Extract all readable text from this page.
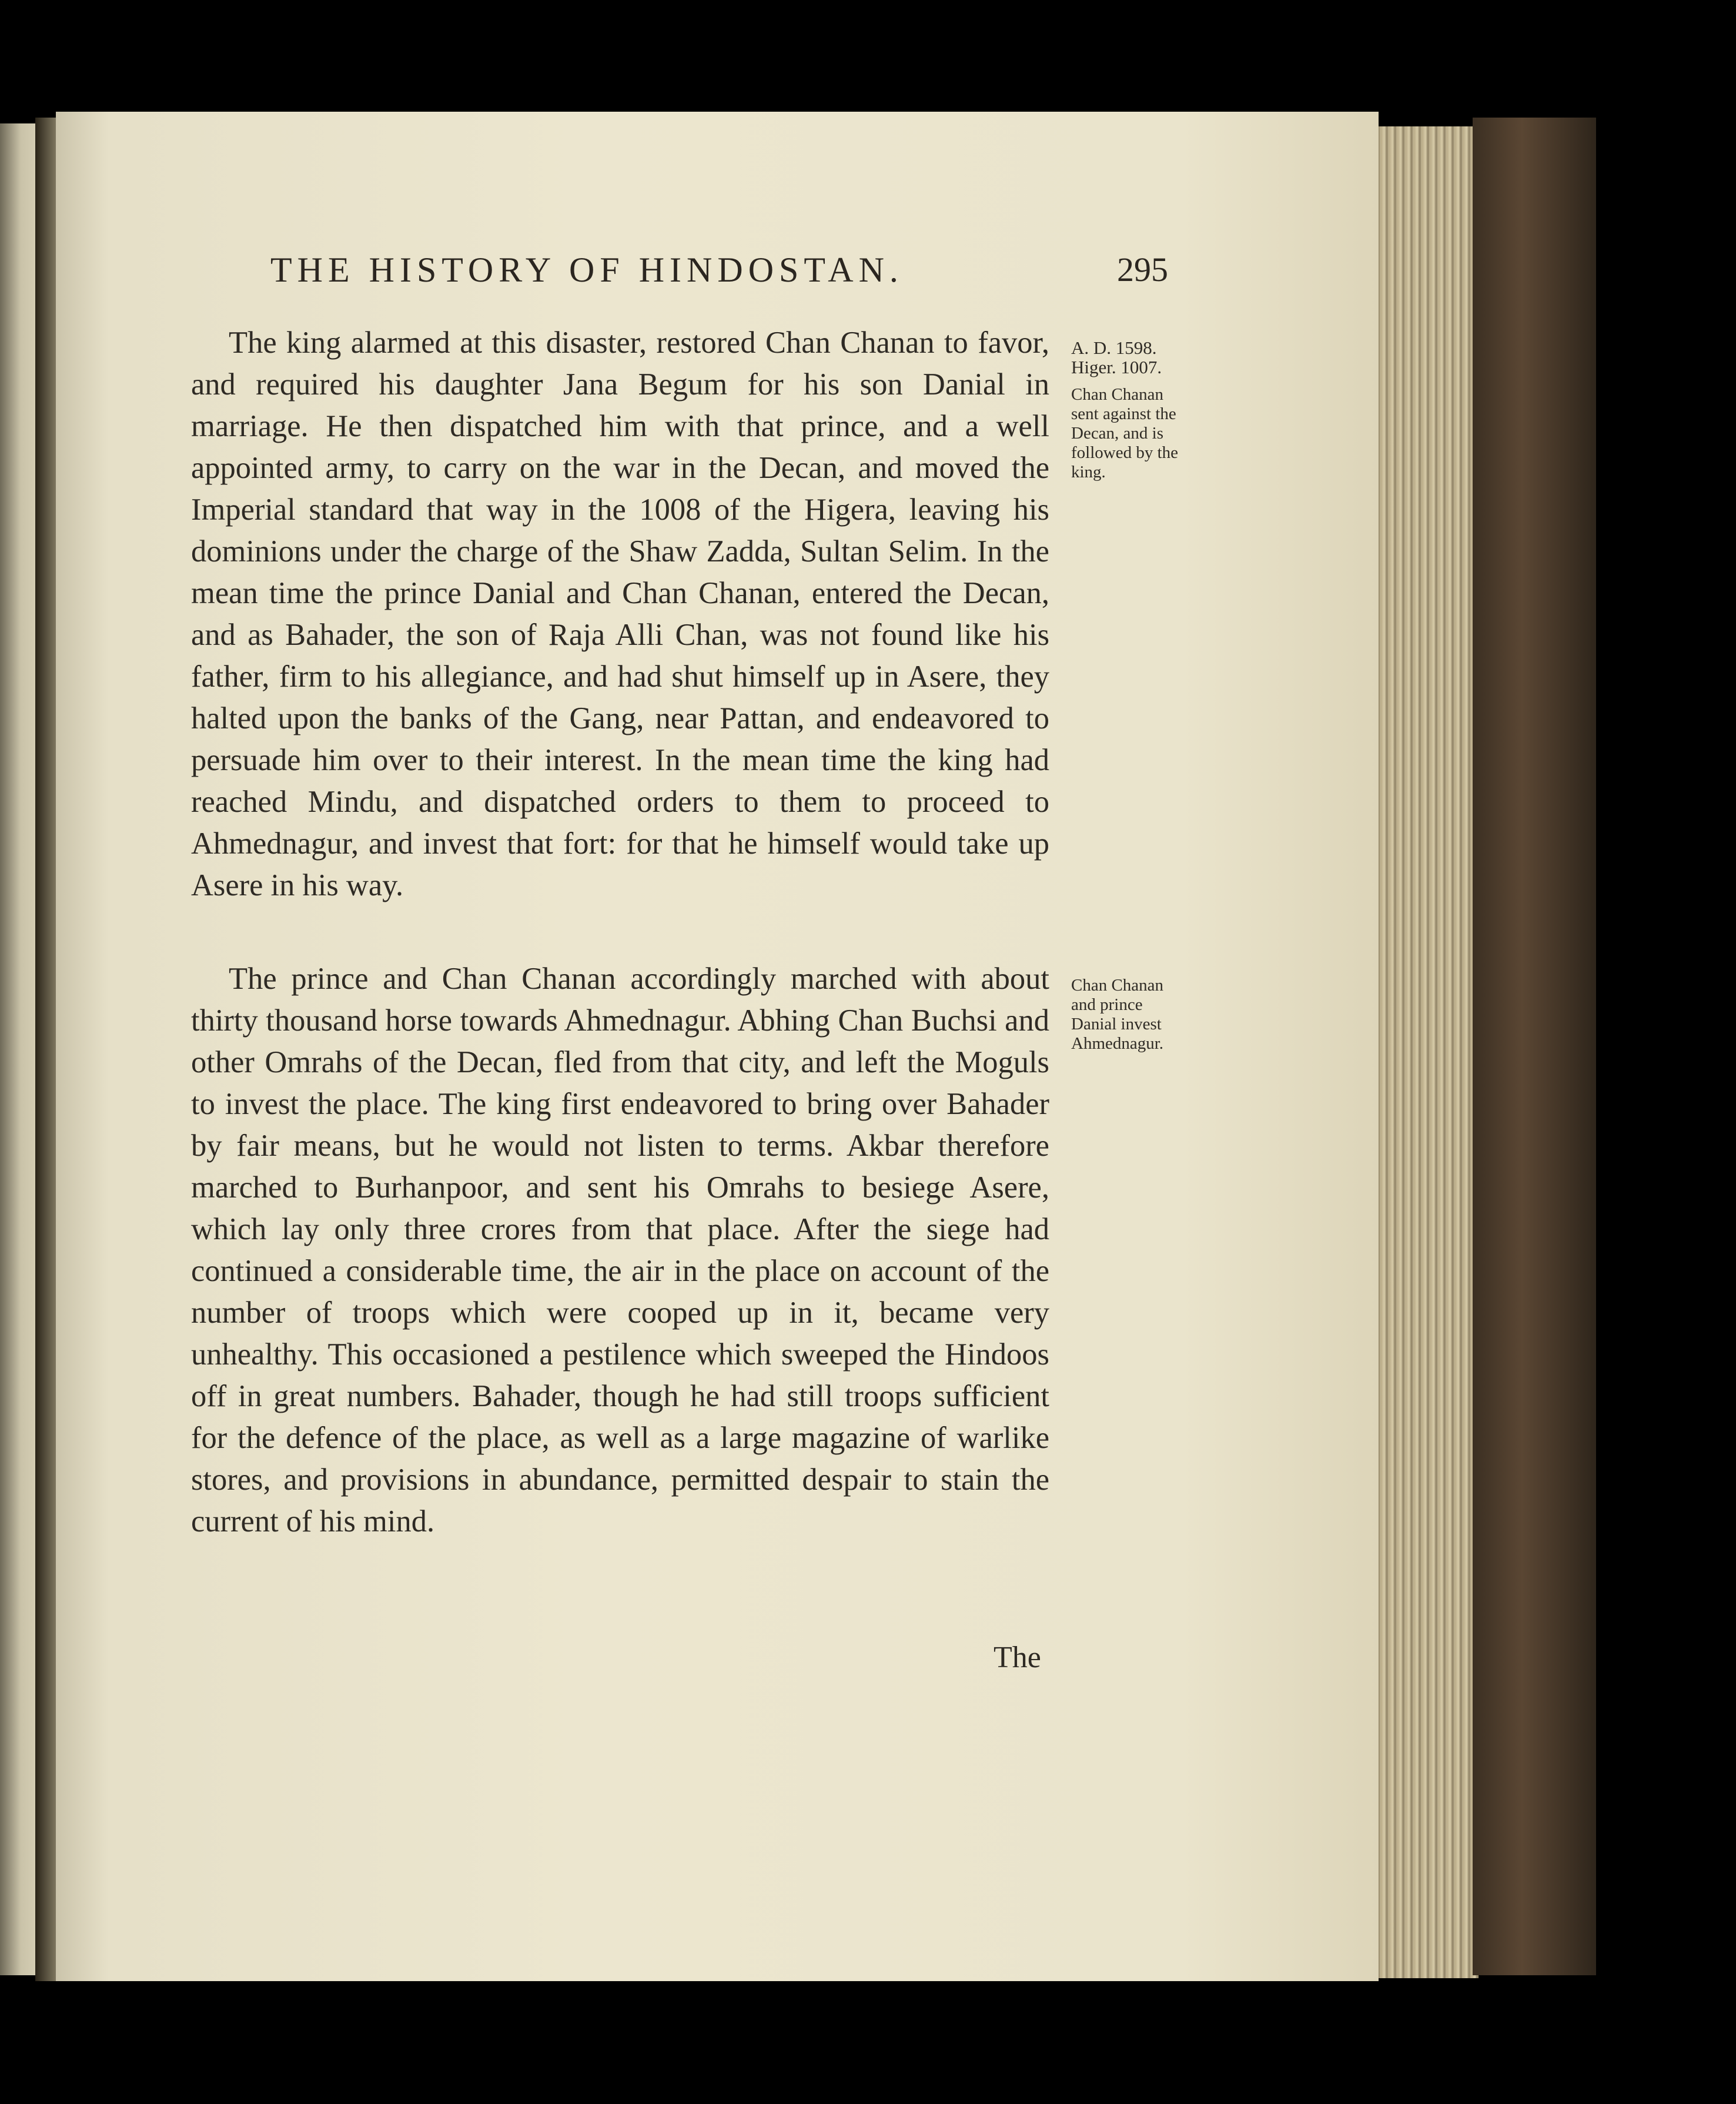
THE HISTORY OF HINDOSTAN.	295

The king alarmed at this disaster, restored Chan Chanan to favor, and required his daughter Jana Begum for his son Danial in marriage. He then dispatched him with that prince, and a well appointed army, to carry on the war in the Decan, and moved the Imperial standard that way in the 1008 of the Higera, leaving his dominions under the charge of the Shaw Zadda, Sultan Selim. In the mean time the prince Danial and Chan Chanan, entered the Decan, and as Bahader, the son of Raja Alli Chan, was not found like his father, firm to his allegiance, and had shut himself up in Asere, they halted upon the banks of the Gang, near Pattan, and endeavored to persuade him over to their interest. In the mean time the king had reached Mindu, and dispatched orders to them to proceed to Ahmednagur, and invest that fort: for that he himself would take up Asere in his way.

A. D. 1598.
Higer. 1007.
Chan Chanan sent against the Decan, and is followed by the king.

The prince and Chan Chanan accordingly marched with about thirty thousand horse towards Ahmednagur. Abhing Chan Buchsi and other Omrahs of the Decan, fled from that city, and left the Moguls to invest the place. The king first endeavored to bring over Bahader by fair means, but he would not listen to terms. Akbar therefore marched to Burhanpoor, and sent his Omrahs to besiege Asere, which lay only three crores from that place. After the siege had continued a considerable time, the air in the place on account of the number of troops which were cooped up in it, became very unhealthy. This occasioned a pestilence which sweeped the Hindoos off in great numbers. Bahader, though he had still troops sufficient for the defence of the place, as well as a large magazine of warlike stores, and provisions in abundance, permitted despair to stain the current of his mind.

Chan Chanan and prince Danial invest Ahmednagur.
The
